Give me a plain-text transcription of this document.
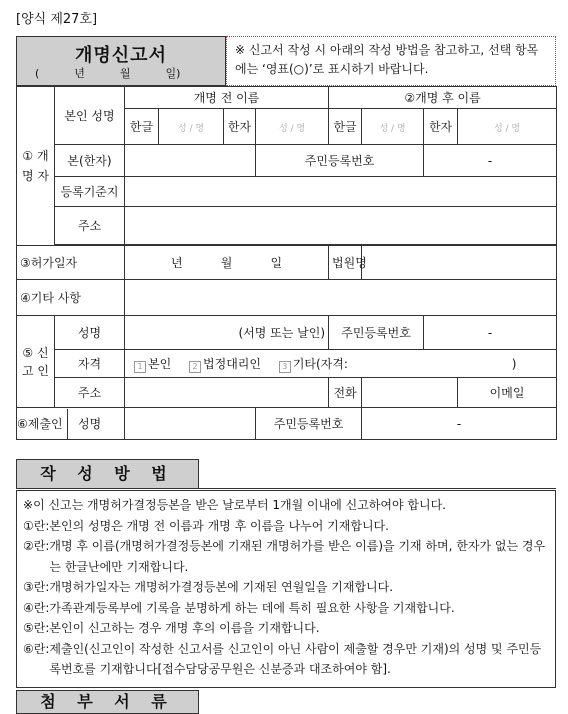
[양식 제27호]
개명신고서
(          년          월          일)
※ 신고서 작성 시 아래의 작성 방법을 참고하고, 선택 항목에는 ‘영표(○)’로 표시하기 바랍니다.
① 개 명 자	본인 성명	개명 전 이름				②개명 후 이름				
		한글	성 / 명	한자	성 / 명	한글	성 / 명	한자	성 / 명	
	본(한자)				주민등록번호			-		
	등록기준지									
	주소									

③허가일자		년          월          일				법원명				
④기타 사항										
⑤ 신 고 인	성명	(서명 또는 날인)				주민등록번호		-		
	자격	1 본인 2 법정대리인 3 기타(자격: )								
	주소					전화			이메일	
⑥제출인 성명					주민등록번호		-			
작 성 방 법
※ 이 신고는 개명허가결정등본을 받은 날로부터 1개월 이내에 신고하여야 합니다.
①란: 본인의 성명은 개명 전 이름과 개명 후 이름을 나누어 기재합니다.
②란: 개명 후 이름(개명허가결정등본에 기재된 개명허가를 받은 이름)을 기재 하며, 한자가 없는 경우는 한글난에만 기재합니다.
③란: 개명허가일자는 개명허가결정등본에 기재된 연월일을 기재합니다.
④란: 가족관계등록부에 기록을 분명하게 하는 데에 특히 필요한 사항을 기재합니다.
⑤란: 본인이 신고하는 경우 개명 후의 이름을 기재합니다.
⑥란: 제출인(신고인이 작성한 신고서를 신고인이 아닌 사람이 제출할 경우만 기재)의 성명 및 주민등록번호를 기재합니다[접수담당공무원은 신분증과 대조하여야 함].
첨 부 서 류
